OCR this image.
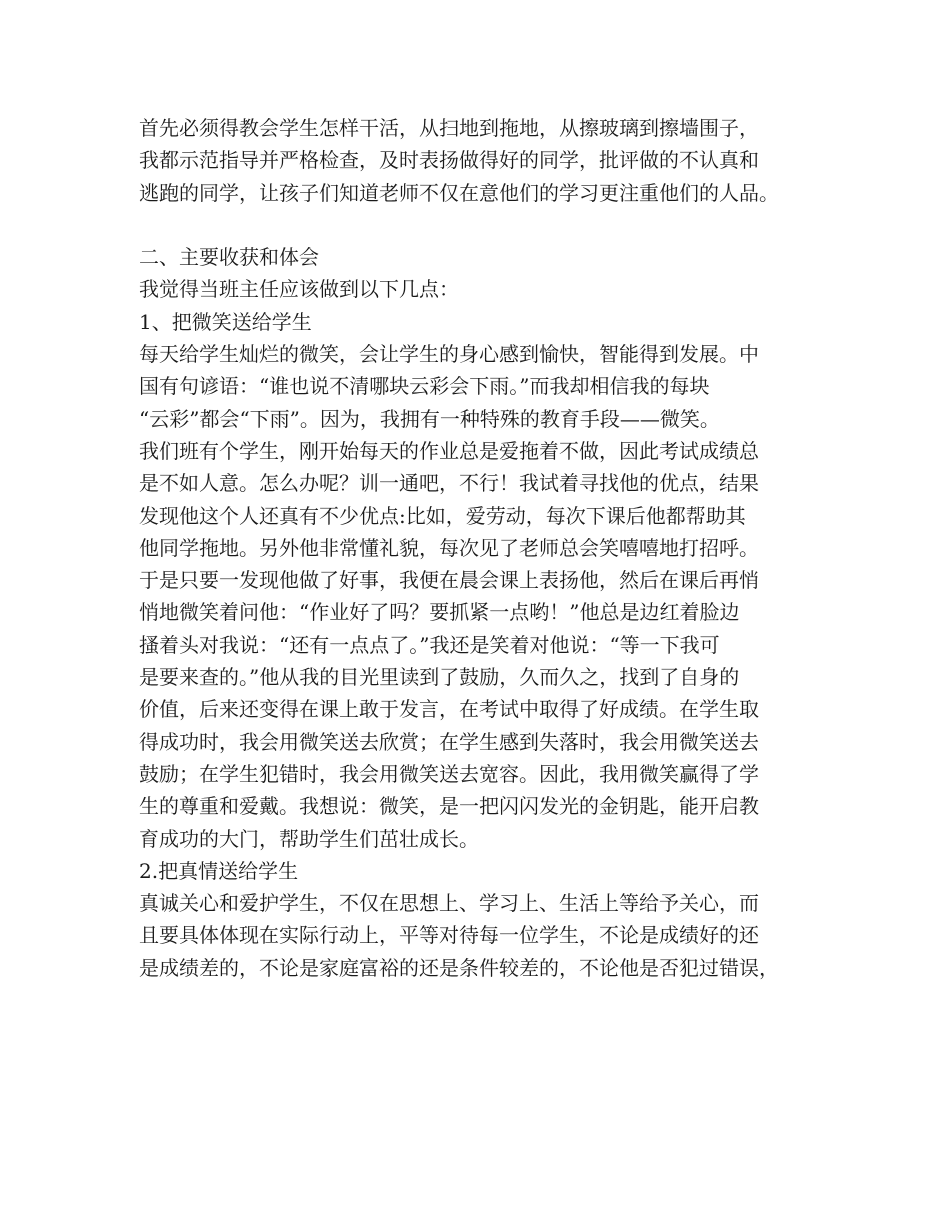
首先必须得教会学生怎样干活，从扫地到拖地，从擦玻璃到擦墙围子，
我都示范指导并严格检查，及时表扬做得好的同学，批评做的不认真和
逃跑的同学，让孩子们知道老师不仅在意他们的学习更注重他们的人品。
二、主要收获和体会
我觉得当班主任应该做到以下几点：
1、把微笑送给学生
每天给学生灿烂的微笑，会让学生的身心感到愉快，智能得到发展。中
国有句谚语：“谁也说不清哪块云彩会下雨。”而我却相信我的每块
“云彩”都会“下雨”。因为，我拥有一种特殊的教育手段——微笑。
我们班有个学生，刚开始每天的作业总是爱拖着不做，因此考试成绩总
是不如人意。怎么办呢？训一通吧，不行！我试着寻找他的优点，结果
发现他这个人还真有不少优点:比如，爱劳动，每次下课后他都帮助其
他同学拖地。另外他非常懂礼貌，每次见了老师总会笑嘻嘻地打招呼。
于是只要一发现他做了好事，我便在晨会课上表扬他，然后在课后再悄
悄地微笑着问他：“作业好了吗？要抓紧一点哟！”他总是边红着脸边
搔着头对我说：“还有一点点了。”我还是笑着对他说：“等一下我可
是要来查的。”他从我的目光里读到了鼓励，久而久之，找到了自身的
价值，后来还变得在课上敢于发言，在考试中取得了好成绩。在学生取
得成功时，我会用微笑送去欣赏；在学生感到失落时，我会用微笑送去
鼓励；在学生犯错时，我会用微笑送去宽容。因此，我用微笑赢得了学
生的尊重和爱戴。我想说：微笑，是一把闪闪发光的金钥匙，能开启教
育成功的大门，帮助学生们茁壮成长。
2.把真情送给学生
真诚关心和爱护学生，不仅在思想上、学习上、生活上等给予关心，而
且要具体体现在实际行动上，平等对待每一位学生，不论是成绩好的还
是成绩差的，不论是家庭富裕的还是条件较差的，不论他是否犯过错误，
